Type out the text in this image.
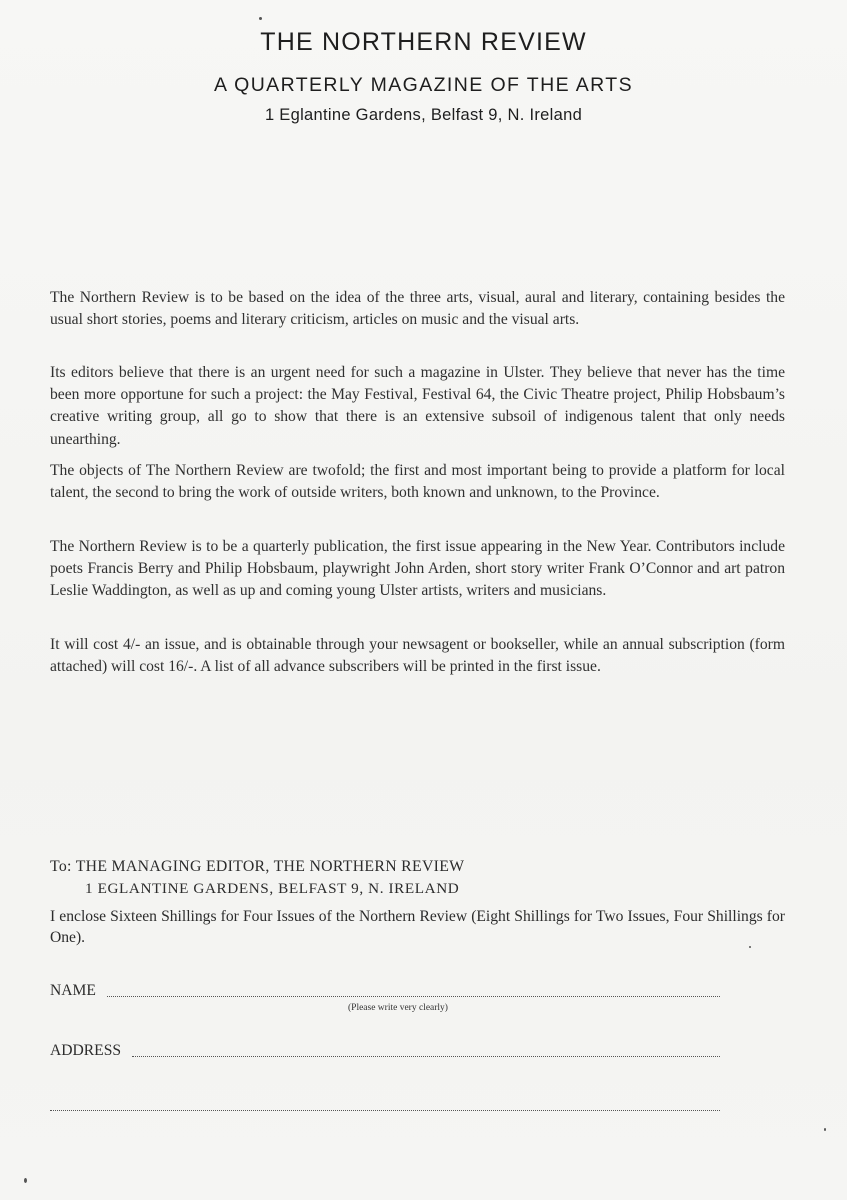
THE NORTHERN REVIEW
A QUARTERLY MAGAZINE OF THE ARTS
1 Eglantine Gardens, Belfast 9, N. Ireland

The Northern Review is to be based on the idea of the three arts, visual, aural and literary, containing besides the usual short stories, poems and literary criticism, articles on music and the visual arts.

Its editors believe that there is an urgent need for such a magazine in Ulster. They believe that never has the time been more opportune for such a project: the May Festival, Festival 64, the Civic Theatre project, Philip Hobsbaum’s creative writing group, all go to show that there is an extensive subsoil of indigenous talent that only needs unearthing.

The objects of The Northern Review are twofold; the first and most important being to provide a platform for local talent, the second to bring the work of outside writers, both known and unknown, to the Province.

The Northern Review is to be a quarterly publication, the first issue appearing in the New Year. Contributors include poets Francis Berry and Philip Hobsbaum, playwright John Arden, short story writer Frank O’Connor and art patron Leslie Waddington, as well as up and coming young Ulster artists, writers and musicians.

It will cost 4/- an issue, and is obtainable through your newsagent or bookseller, while an annual subscription (form attached) will cost 16/-. A list of all advance subscribers will be printed in the first issue.

To: THE MANAGING EDITOR, THE NORTHERN REVIEW
1 EGLANTINE GARDENS, BELFAST 9, N. IRELAND

I enclose Sixteen Shillings for Four Issues of the Northern Review (Eight Shillings for Two Issues, Four Shillings for One).

NAME
(Please write very clearly)
ADDRESS
